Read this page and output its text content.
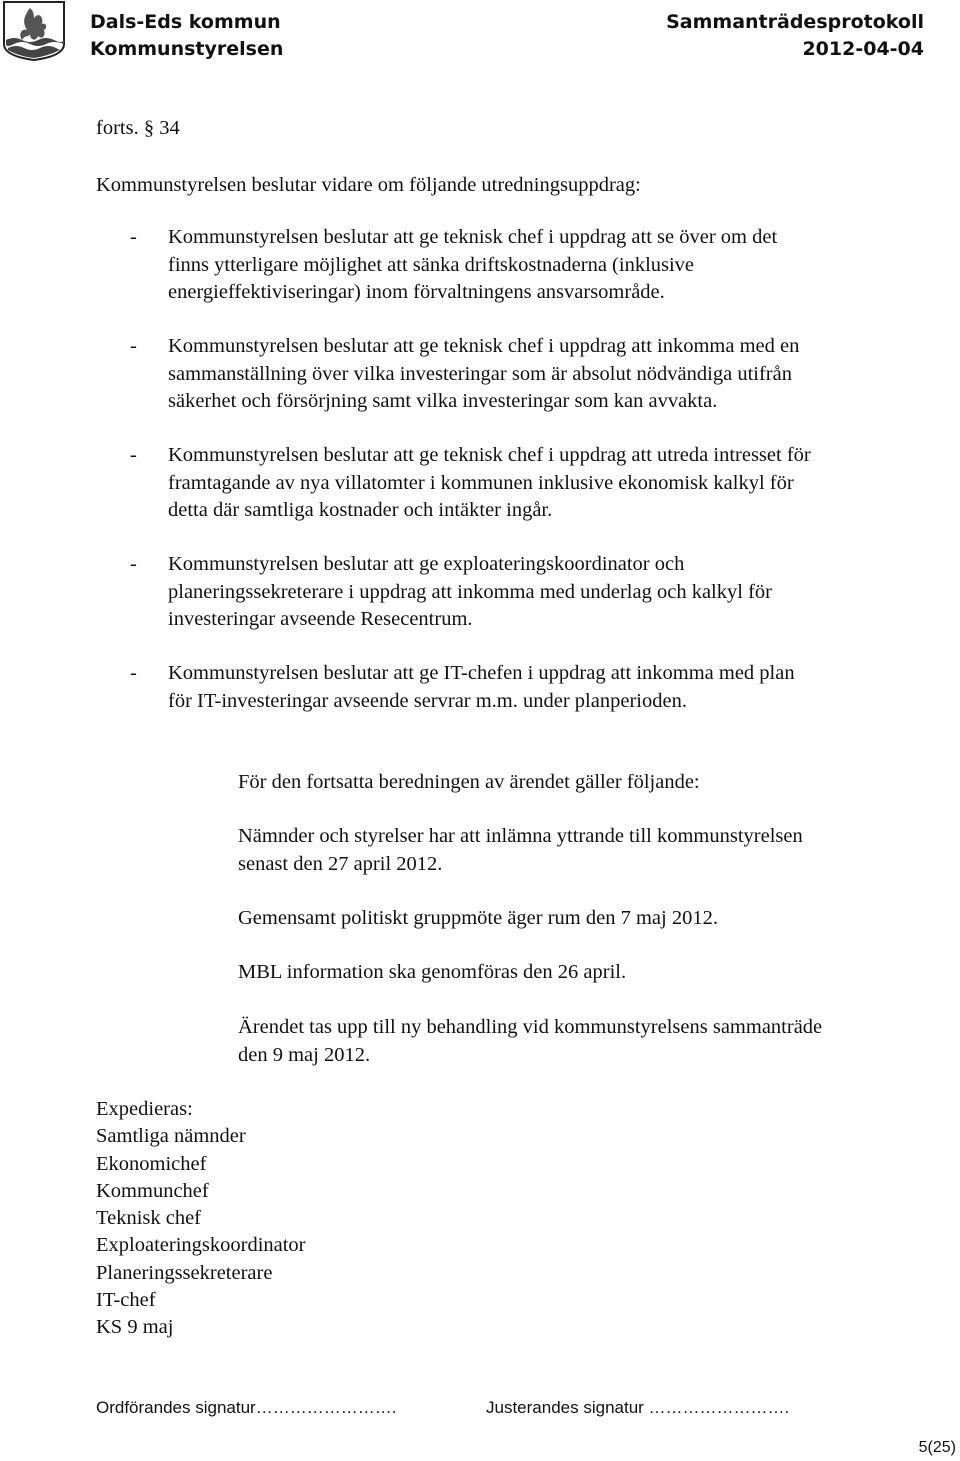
Dals-Eds kommun
Kommunstyrelsen
Sammanträdesprotokoll
2012-04-04

forts. § 34

Kommunstyrelsen beslutar vidare om följande utredningsuppdrag:

- Kommunstyrelsen beslutar att ge teknisk chef i uppdrag att se över om det
finns ytterligare möjlighet att sänka driftskostnaderna (inklusive
energieffektiviseringar) inom förvaltningens ansvarsområde.
- Kommunstyrelsen beslutar att ge teknisk chef i uppdrag att inkomma med en
sammanställning över vilka investeringar som är absolut nödvändiga utifrån
säkerhet och försörjning samt vilka investeringar som kan avvakta.
- Kommunstyrelsen beslutar att ge teknisk chef i uppdrag att utreda intresset för
framtagande av nya villatomter i kommunen inklusive ekonomisk kalkyl för
detta där samtliga kostnader och intäkter ingår.
- Kommunstyrelsen beslutar att ge exploateringskoordinator och
planeringssekreterare i uppdrag att inkomma med underlag och kalkyl för
investeringar avseende Resecentrum.
- Kommunstyrelsen beslutar att ge IT-chefen i uppdrag att inkomma med plan
för IT-investeringar avseende servrar m.m. under planperioden.
För den fortsatta beredningen av ärendet gäller följande:
Nämnder och styrelser har att inlämna yttrande till kommunstyrelsen
senast den 27 april 2012.
Gemensamt politiskt gruppmöte äger rum den 7 maj 2012.
MBL information ska genomföras den 26 april.
Ärendet tas upp till ny behandling vid kommunstyrelsens sammanträde
den 9 maj 2012.
Expedieras:
Samtliga nämnder
Ekonomichef
Kommunchef
Teknisk chef
Exploateringskoordinator
Planeringssekreterare
IT-chef
KS 9 maj
Ordförandes signatur…………………….	Justerandes signatur …………………….
5(25)
